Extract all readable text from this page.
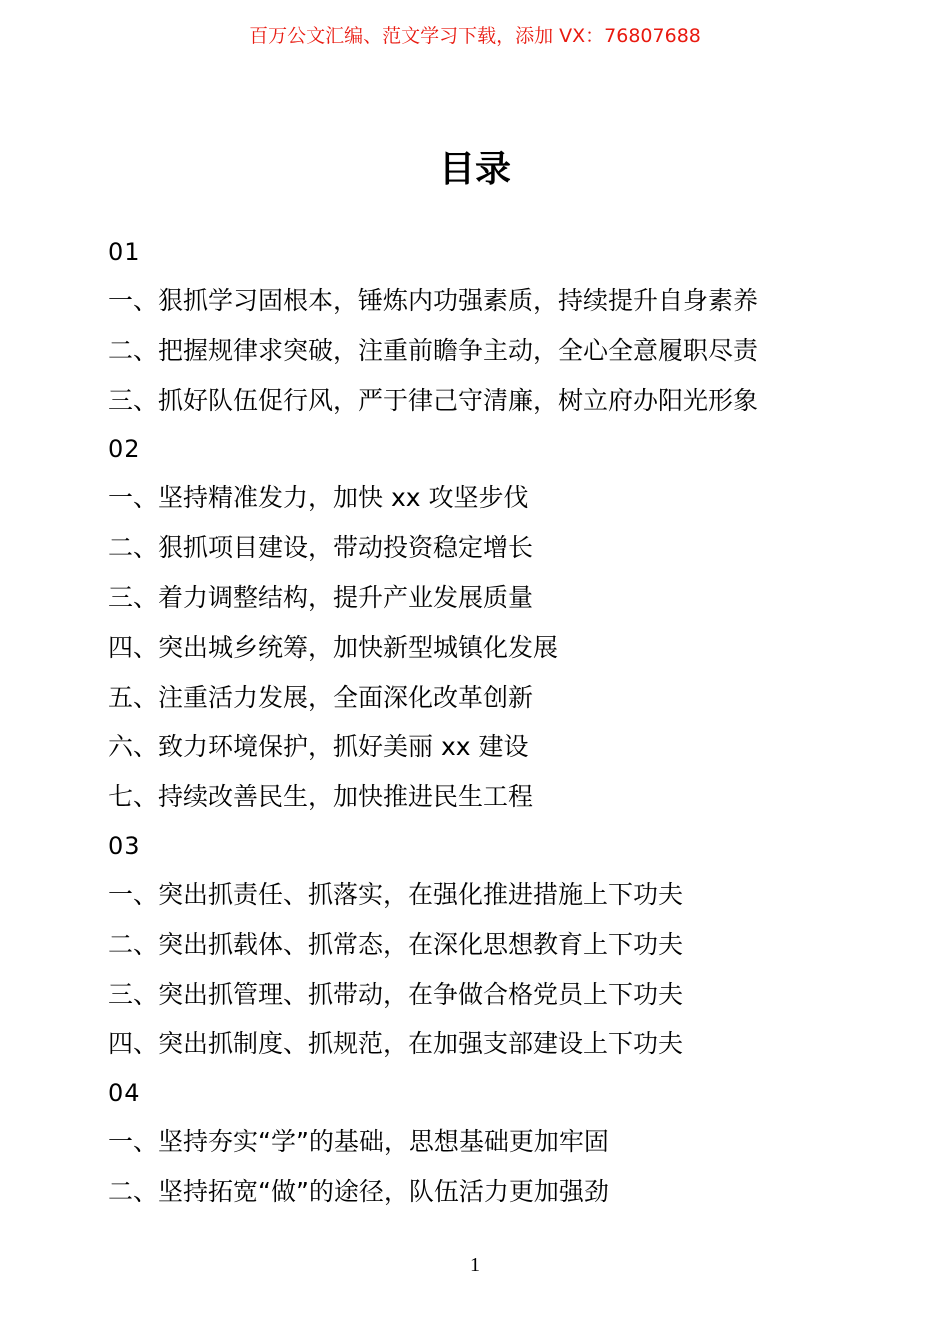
百万公文汇编、范文学习下载，添加 VX：76807688
目录
01
一、狠抓学习固根本，锤炼内功强素质，持续提升自身素养
二、把握规律求突破，注重前瞻争主动，全心全意履职尽责
三、抓好队伍促行风，严于律己守清廉，树立府办阳光形象
02
一、坚持精准发力，加快 xx 攻坚步伐
二、狠抓项目建设，带动投资稳定增长
三、着力调整结构，提升产业发展质量
四、突出城乡统筹，加快新型城镇化发展
五、注重活力发展，全面深化改革创新
六、致力环境保护，抓好美丽 xx 建设
七、持续改善民生，加快推进民生工程
03
一、突出抓责任、抓落实，在强化推进措施上下功夫
二、突出抓载体、抓常态，在深化思想教育上下功夫
三、突出抓管理、抓带动，在争做合格党员上下功夫
四、突出抓制度、抓规范，在加强支部建设上下功夫
04
一、坚持夯实“学”的基础，思想基础更加牢固
二、坚持拓宽“做”的途径，队伍活力更加强劲
1
